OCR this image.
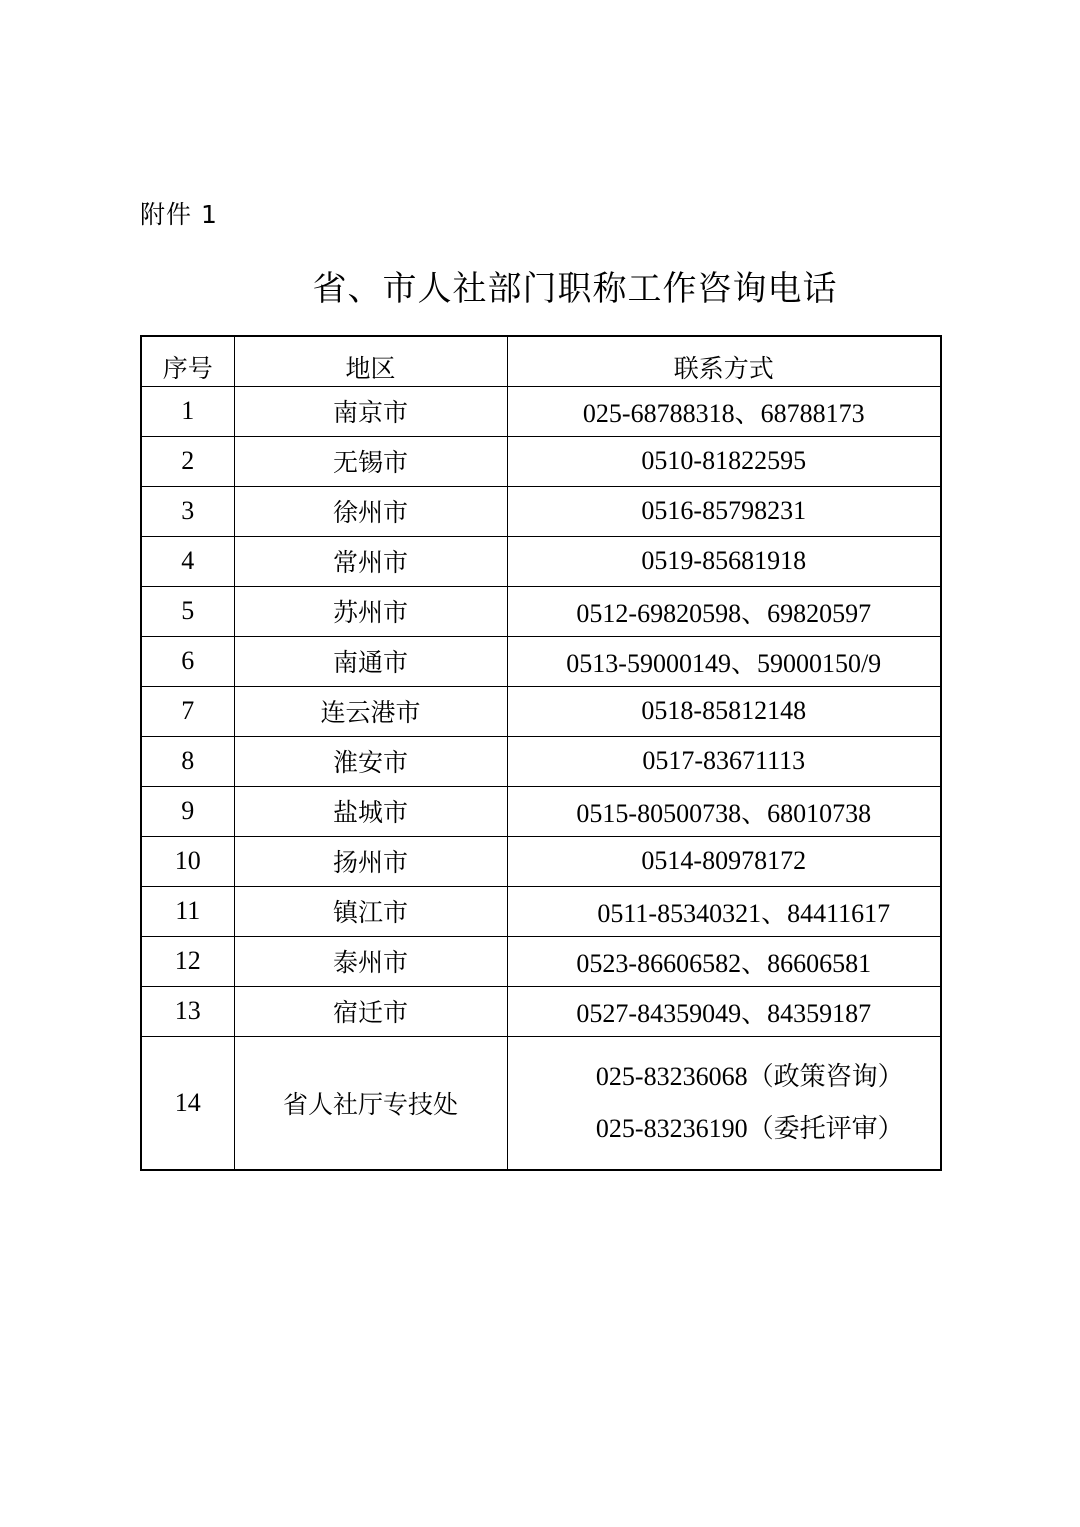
附件 1
省、市人社部门职称工作咨询电话
序号	地区	联系方式
1	南京市	025-68788318、68788173
2	无锡市	0510-81822595
3	徐州市	0516-85798231
4	常州市	0519-85681918
5	苏州市	0512-69820598、69820597
6	南通市	0513-59000149、59000150/9
7	连云港市	0518-85812148
8	淮安市	0517-83671113
9	盐城市	0515-80500738、68010738
10	扬州市	0514-80978172
11	镇江市	0511-85340321、84411617
12	泰州市	0523-86606582、86606581
13	宿迁市	0527-84359049、84359187
14	省人社厅专技处	025-83236068（政策咨询）
025-83236190（委托评审）
